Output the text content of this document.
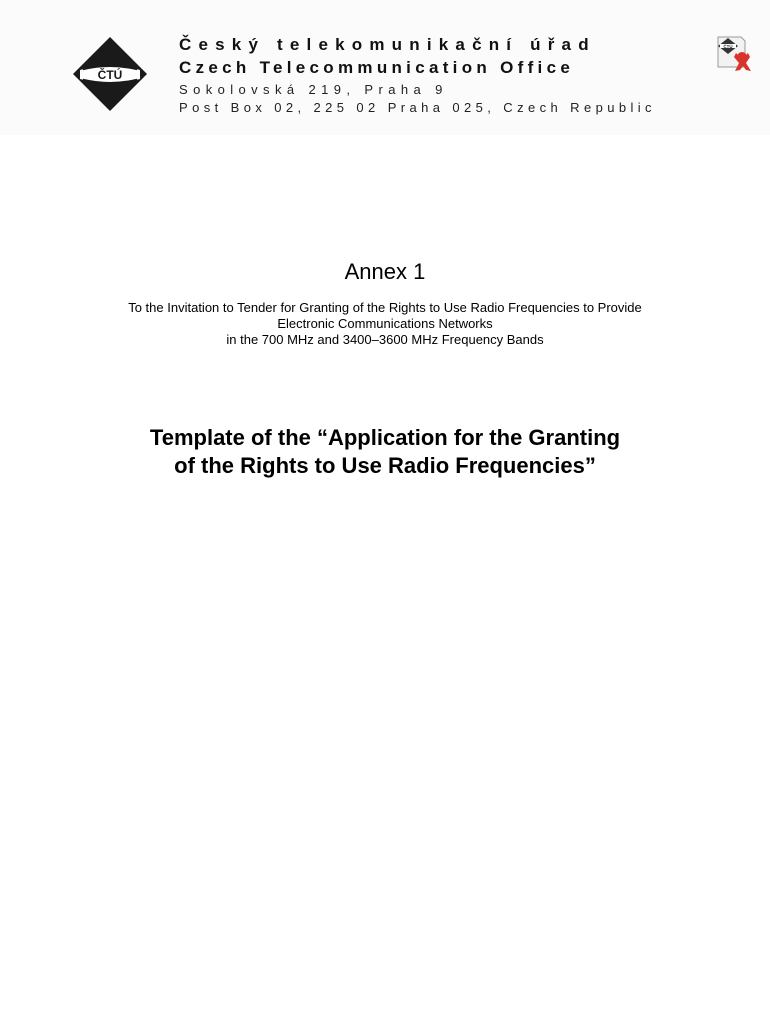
ČTÚ
Český telekomunikační úřad
Czech Telecommunication Office
Sokolovská 219, Praha 9
Post Box 02, 225 02 Praha 025, Czech Republic
ČTÚ
Annex 1
To the Invitation to Tender for Granting of the Rights to Use Radio Frequencies to Provide
Electronic Communications Networks
in the 700 MHz and 3400–3600 MHz Frequency Bands
Template of the “Application for the Granting
of the Rights to Use Radio Frequencies”
